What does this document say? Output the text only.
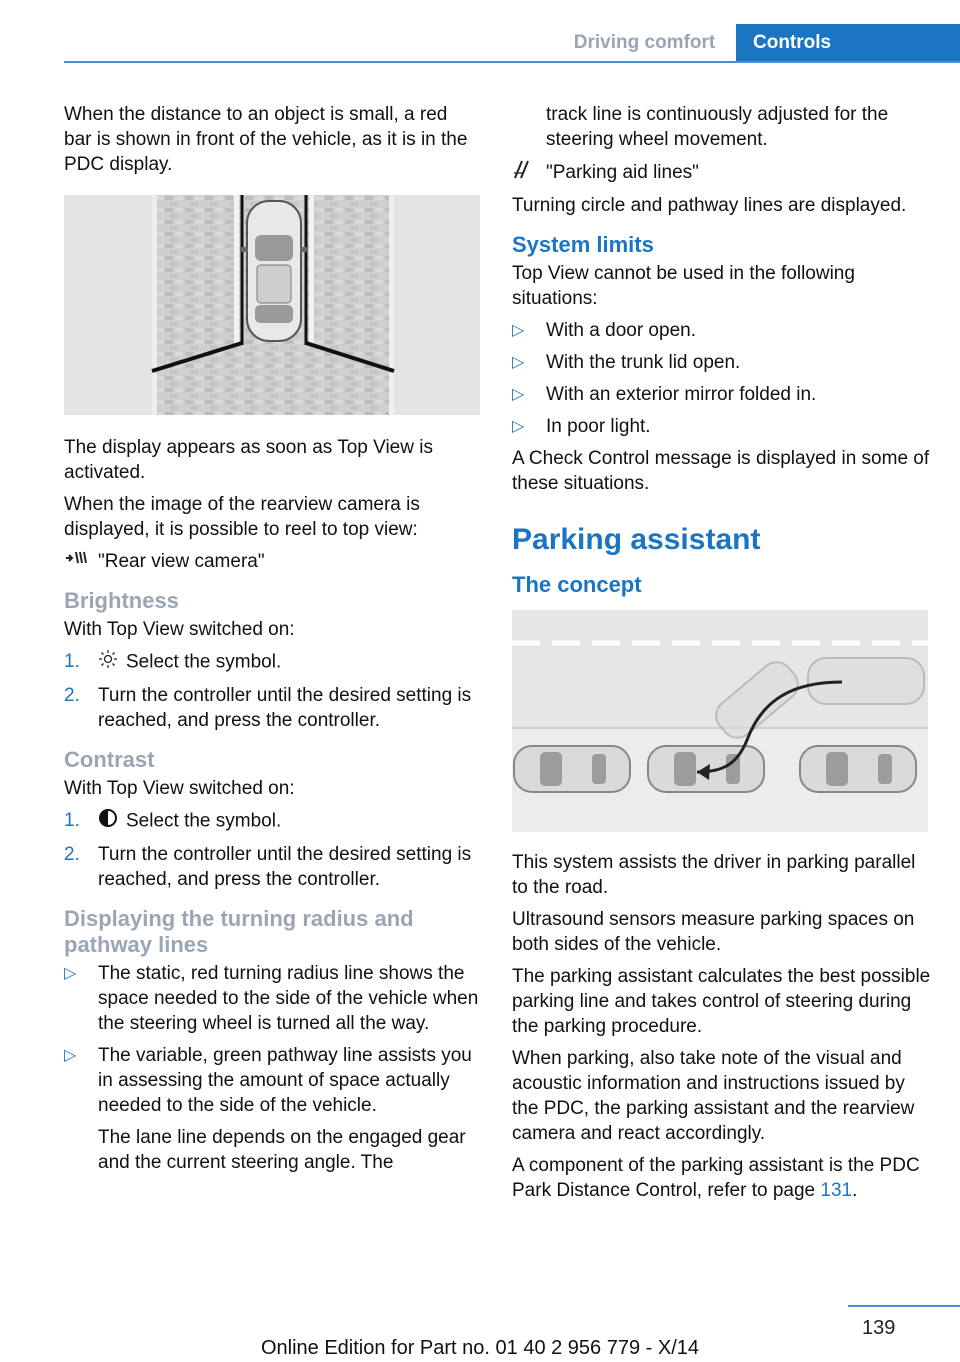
Driving comfort	Controls

When the distance to an object is small, a red bar is shown in front of the vehicle, as it is in the PDC display.

The display appears as soon as Top View is activated.

When the image of the rearview camera is displayed, it is possible to reel to top view:

"Rear view camera"
Brightness

With Top View switched on:

1. Select the symbol.
2. Turn the controller until the desired setting is reached, and press the controller.
Contrast

With Top View switched on:

1. Select the symbol.
2. Turn the controller until the desired setting is reached, and press the controller.
Displaying the turning radius and pathway lines
▷ The static, red turning radius line shows the space needed to the side of the vehicle when the steering wheel is turned all the way.
▷ The variable, green pathway line assists you in assessing the amount of space actually needed to the side of the vehicle.

The lane line depends on the engaged gear and the current steering angle. The

track line is continuously adjusted for the steering wheel movement.

"Parking aid lines"

Turning circle and pathway lines are displayed.

System limits

Top View cannot be used in the following situations:

▷ With a door open.
▷ With the trunk lid open.
▷ With an exterior mirror folded in.
▷ In poor light.

A Check Control message is displayed in some of these situations.

Parking assistant
The concept

This system assists the driver in parking parallel to the road.

Ultrasound sensors measure parking spaces on both sides of the vehicle.

The parking assistant calculates the best possible parking line and takes control of steering during the parking procedure.

When parking, also take note of the visual and acoustic information and instructions issued by the PDC, the parking assistant and the rearview camera and react accordingly.

A component of the parking assistant is the PDC Park Distance Control, refer to page 131.

139
Online Edition for Part no. 01 40 2 956 779 - X/14
